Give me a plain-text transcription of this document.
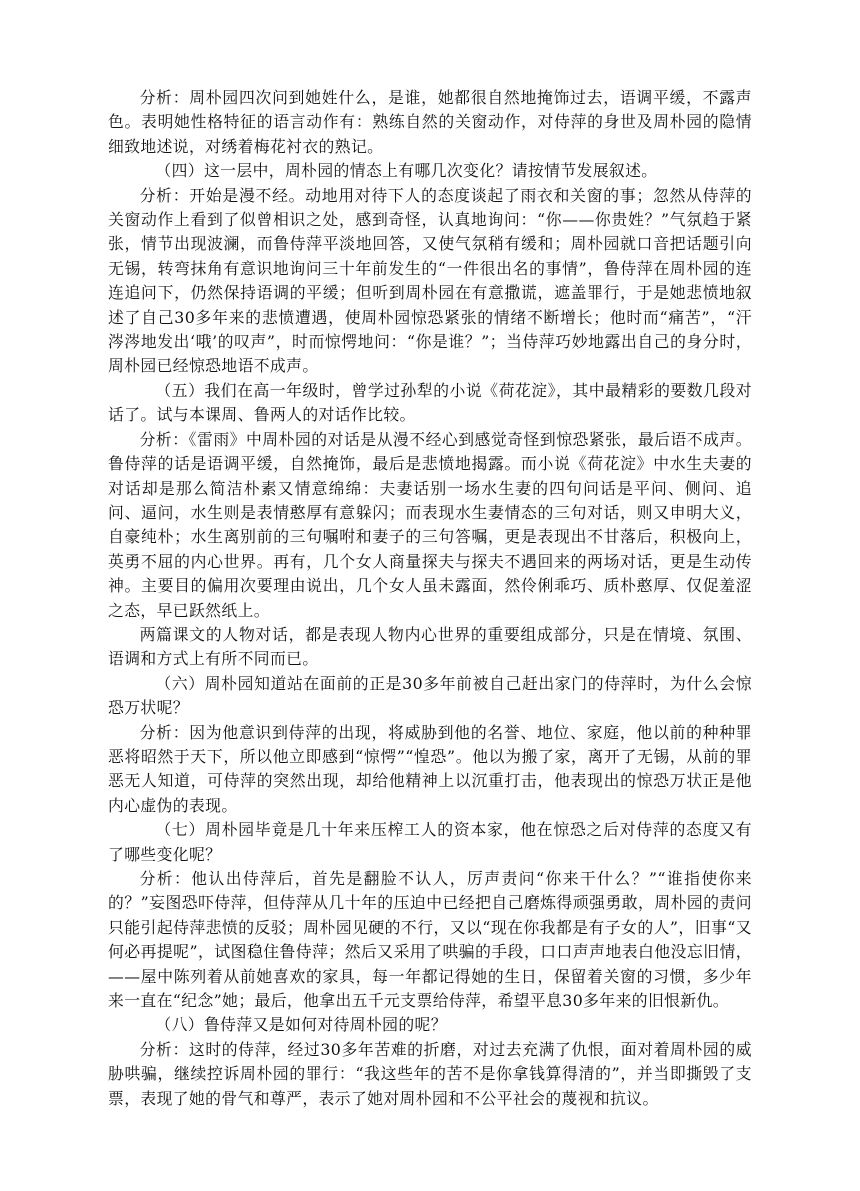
分析：周朴园四次问到她姓什么，是谁，她都很自然地掩饰过去，语调平缓，不露声色。表明她性格特征的语言动作有：熟练自然的关窗动作，对侍萍的身世及周朴园的隐情细致地述说，对绣着梅花衬衣的熟记。

（四）这一层中，周朴园的情态上有哪几次变化？请按情节发展叙述。

分析：开始是漫不经。动地用对待下人的态度谈起了雨衣和关窗的事；忽然从侍萍的关窗动作上看到了似曾相识之处，感到奇怪，认真地询问：“你——你贵姓？”气氛趋于紧张，情节出现波澜，而鲁侍萍平淡地回答，又使气氛稍有缓和；周朴园就口音把话题引向无锡，转弯抹角有意识地询问三十年前发生的“一件很出名的事情”，鲁侍萍在周朴园的连连追问下，仍然保持语调的平缓；但听到周朴园在有意撒谎，遮盖罪行，于是她悲愤地叙述了自己30多年来的悲愤遭遇，使周朴园惊恐紧张的情绪不断增长；他时而“痛苦”，“汗涔涔地发出‘哦’的叹声”，时而惊愕地问：“你是谁？”；当侍萍巧妙地露出自己的身分时，周朴园已经惊恐地语不成声。

（五）我们在高一年级时，曾学过孙犁的小说《荷花淀》，其中最精彩的要数几段对话了。试与本课周、鲁两人的对话作比较。

分析：《雷雨》中周朴园的对话是从漫不经心到感觉奇怪到惊恐紧张，最后语不成声。鲁侍萍的话是语调平缓，自然掩饰，最后是悲愤地揭露。而小说《荷花淀》中水生夫妻的对话却是那么简洁朴素又情意绵绵：夫妻话别一场水生妻的四句问话是平问、侧问、追问、逼问，水生则是表情憨厚有意躲闪；而表现水生妻情态的三句对话，则又申明大义，自豪纯朴；水生离别前的三句嘱咐和妻子的三句答嘱，更是表现出不甘落后，积极向上，英勇不屈的内心世界。再有，几个女人商量探夫与探夫不遇回来的两场对话，更是生动传神。主要目的偏用次要理由说出，几个女人虽未露面，然伶俐乖巧、质朴憨厚、仅促羞涩之态，早已跃然纸上。

两篇课文的人物对话，都是表现人物内心世界的重要组成部分，只是在情境、氛围、语调和方式上有所不同而已。

（六）周朴园知道站在面前的正是30多年前被自己赶出家门的侍萍时，为什么会惊恐万状呢？

分析：因为他意识到侍萍的出现，将威胁到他的名誉、地位、家庭，他以前的种种罪恶将昭然于天下，所以他立即感到“惊愕”“惶恐”。他以为搬了家，离开了无锡，从前的罪恶无人知道，可侍萍的突然出现，却给他精神上以沉重打击，他表现出的惊恐万状正是他内心虚伪的表现。

（七）周朴园毕竟是几十年来压榨工人的资本家，他在惊恐之后对侍萍的态度又有了哪些变化呢？

分析：他认出侍萍后，首先是翻脸不认人，厉声责问“你来干什么？”“谁指使你来的？”妄图恐吓侍萍，但侍萍从几十年的压迫中已经把自己磨炼得顽强勇敢，周朴园的责问只能引起侍萍悲愤的反驳；周朴园见硬的不行，又以“现在你我都是有子女的人”，旧事“又何必再提呢”，试图稳住鲁侍萍；然后又采用了哄骗的手段，口口声声地表白他没忘旧情，——屋中陈列着从前她喜欢的家具，每一年都记得她的生日，保留着关窗的习惯，多少年来一直在“纪念”她；最后，他拿出五千元支票给侍萍，希望平息30多年来的旧恨新仇。

（八）鲁侍萍又是如何对待周朴园的呢？

分析：这时的侍萍，经过30多年苦难的折磨，对过去充满了仇恨，面对着周朴园的威胁哄骗，继续控诉周朴园的罪行：“我这些年的苦不是你拿钱算得清的”，并当即撕毁了支票，表现了她的骨气和尊严，表示了她对周朴园和不公平社会的蔑视和抗议。
